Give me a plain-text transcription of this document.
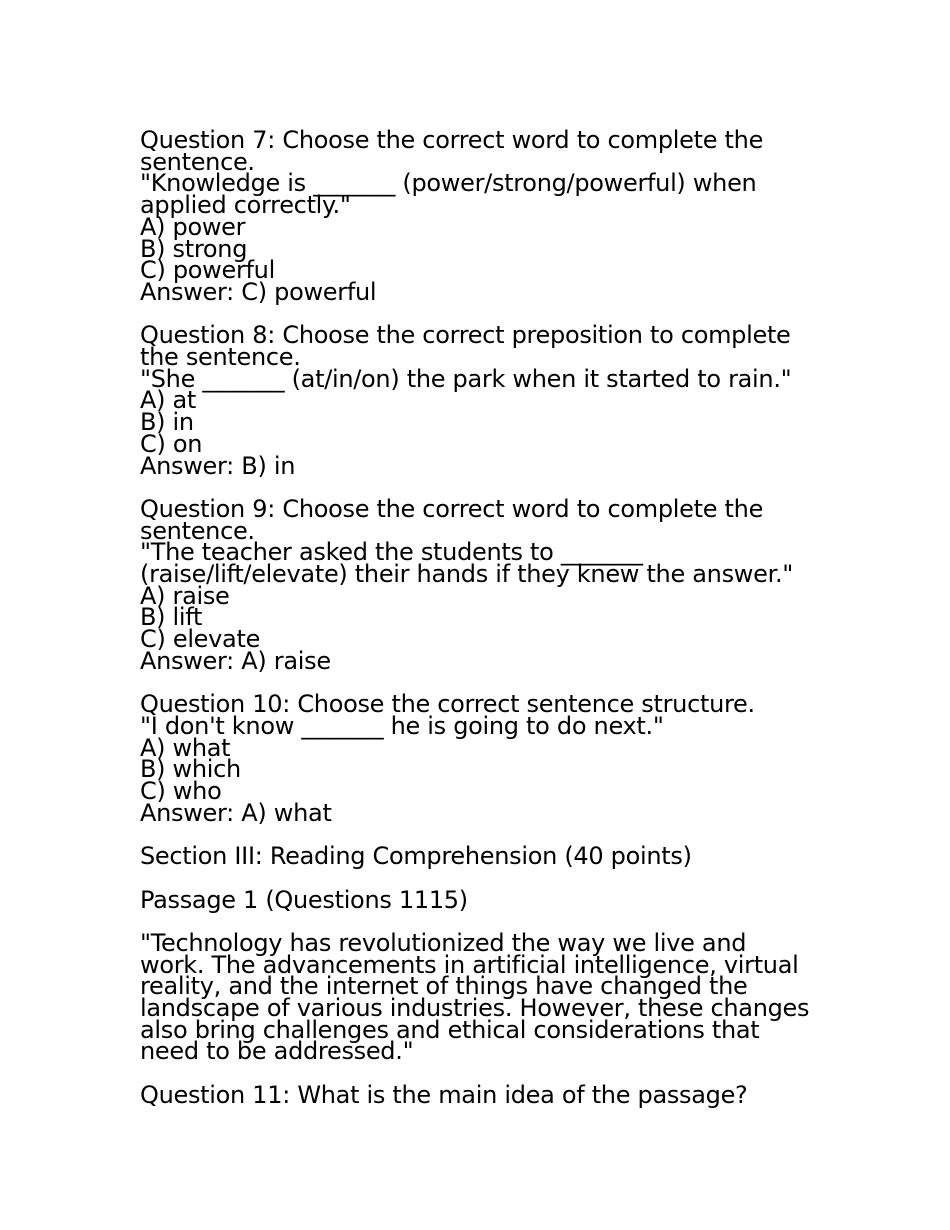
Question 7: Choose the correct word to complete the
sentence.
"Knowledge is _______ (power/strong/powerful) when
applied correctly."
A) power
B) strong
C) powerful
Answer: C) powerful
Question 8: Choose the correct preposition to complete
the sentence.
"She _______ (at/in/on) the park when it started to rain."
A) at
B) in
C) on
Answer: B) in
Question 9: Choose the correct word to complete the
sentence.
"The teacher asked the students to _______
(raise/lift/elevate) their hands if they knew the answer."
A) raise
B) lift
C) elevate
Answer: A) raise
Question 10: Choose the correct sentence structure.
"I don't know _______ he is going to do next."
A) what
B) which
C) who
Answer: A) what
Section III: Reading Comprehension (40 points)
Passage 1 (Questions 1115)
"Technology has revolutionized the way we live and
work. The advancements in artificial intelligence, virtual
reality, and the internet of things have changed the
landscape of various industries. However, these changes
also bring challenges and ethical considerations that
need to be addressed."
Question 11: What is the main idea of the passage?
